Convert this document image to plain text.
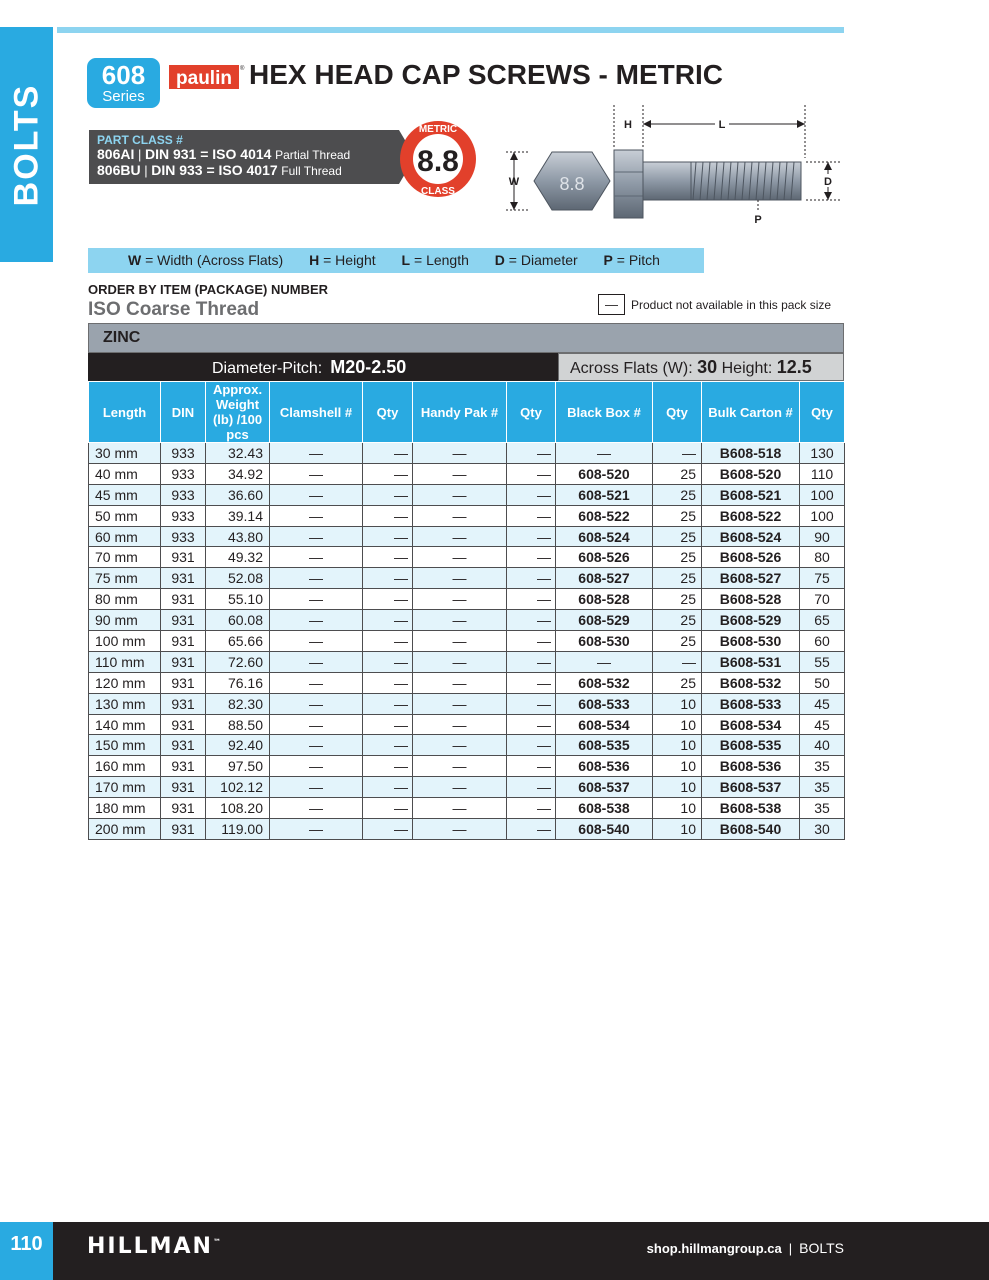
BOLTS
608
Series
paulin ® HEX HEAD CAP SCREWS - METRIC
PART CLASS #
806AI | DIN 931 = ISO 4014 Partial Thread
806BU | DIN 933 = ISO 4017 Full Thread
METRIC
8.8
CLASS
W 8.8
H	L
D
P
W = Width (Across Flats) H = Height L = Length D = Diameter P = Pitch
ORDER BY ITEM (PACKAGE) NUMBER
ISO Coarse Thread	—	Product not available in this pack size
ZINC
Diameter-Pitch: M20-2.50	Across Flats (W): 30 Height: 12.5
Length	DIN	Approx. Weight (lb) /100 pcs	Clamshell #	Qty	Handy Pak #	Qty	Black Box #	Qty	Bulk Carton #	Qty
30 mm	933	32.43	—	—	—	—	—	—	B608-518	130
40 mm	933	34.92	—	—	—	—	608-520	25	B608-520	110
45 mm	933	36.60	—	—	—	—	608-521	25	B608-521	100
50 mm	933	39.14	—	—	—	—	608-522	25	B608-522	100
60 mm	933	43.80	—	—	—	—	608-524	25	B608-524	90
70 mm	931	49.32	—	—	—	—	608-526	25	B608-526	80
75 mm	931	52.08	—	—	—	—	608-527	25	B608-527	75
80 mm	931	55.10	—	—	—	—	608-528	25	B608-528	70
90 mm	931	60.08	—	—	—	—	608-529	25	B608-529	65
100 mm	931	65.66	—	—	—	—	608-530	25	B608-530	60
110 mm	931	72.60	—	—	—	—	—	—	B608-531	55
120 mm	931	76.16	—	—	—	—	608-532	25	B608-532	50
130 mm	931	82.30	—	—	—	—	608-533	10	B608-533	45
140 mm	931	88.50	—	—	—	—	608-534	10	B608-534	45
150 mm	931	92.40	—	—	—	—	608-535	10	B608-535	40
160 mm	931	97.50	—	—	—	—	608-536	10	B608-536	35
170 mm	931	102.12	—	—	—	—	608-537	10	B608-537	35
180 mm	931	108.20	—	—	—	—	608-538	10	B608-538	35
200 mm	931	119.00	—	—	—	—	608-540	10	B608-540	30
110	HILLMAN™	shop.hillmangroup.ca | BOLTS
